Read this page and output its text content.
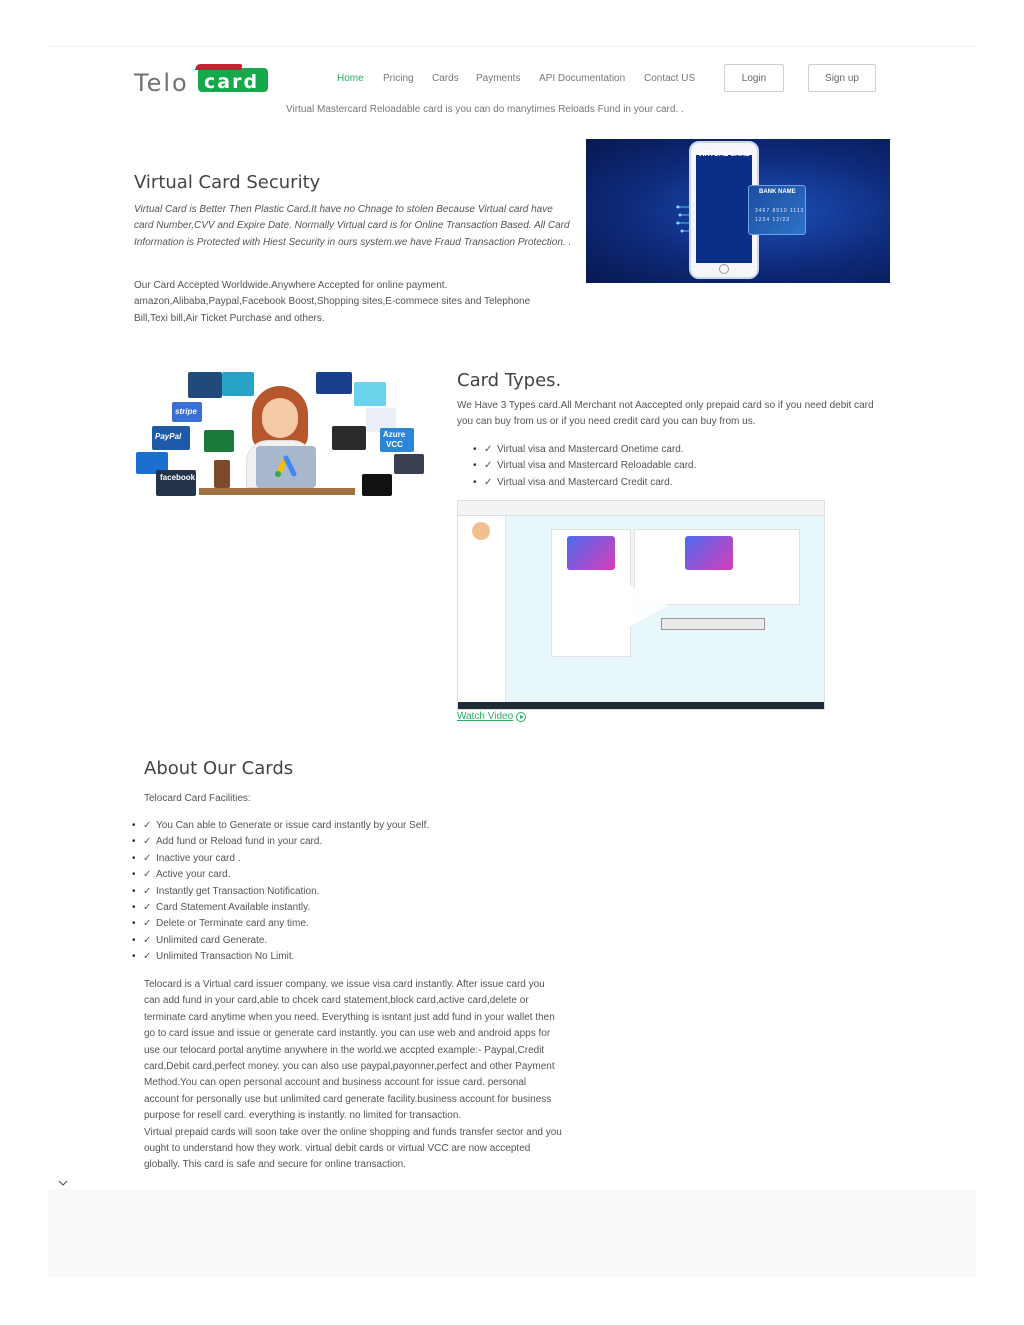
Telo card	Home	Pricing	Cards	Payments	API Documentation	Contact US	Login	Sign up
Virtual Mastercard Reloadable card is you can do manytimes Reloads Fund in your card. .
Virtual Card Security

Virtual Card is Better Then Plastic Card.It have no Chnage to stolen Because Virtual card have card Number,CVV and Expire Date. Normally Virtual card is for Online Transaction Based. All Card Information is Protected with Hiest Security in ours system.we have Fraud Transaction Protection. .

Our Card Accepted Worldwide.Anywhere Accepted for online payment. amazon,Alibaba,Paypal,Facebook Boost,Shopping sites,E-commece sites and Telephone Bill,Texi bill,Air Ticket Purchase and others.

VIRTUAL CARD
BANK NAME
3467 8910 1112
1234 12/23
stripe
PayPal
facebook
Azure
VCC
Card Types.

We Have 3 Types card.All Merchant not Aaccepted only prepaid card so if you need debit card you can buy from us or if you need credit card you can buy from us.

• ✓ Virtual visa and Mastercard Onetime card.
• ✓ Virtual visa and Mastercard Reloadable card.
• ✓ Virtual visa and Mastercard Credit card.
Watch Video
About Our Cards

Telocard Card Facilities:

• ✓ You Can able to Generate or issue card instantly by your Self.
• ✓ Add fund or Reload fund in your card.
• ✓ Inactive your card .
• ✓ Active your card.
• ✓ Instantly get Transaction Notification.
• ✓ Card Statement Available instantly.
• ✓ Delete or Terminate card any time.
• ✓ Unlimited card Generate.
• ✓ Unlimited Transaction No Limit.

Telocard is a Virtual card issuer company. we issue visa card instantly. After issue card you can add fund in your card,able to chcek card statement,block card,active card,delete or terminate card anytime when you need. Everything is isntant just add fund in your wallet then go to card issue and issue or generate card instantly. you can use web and android apps for use our telocard portal anytime anywhere in the world.we accpted example:- Paypal,Credit card,Debit card,perfect money. you can also use paypal,payonner,perfect and other Payment Method.You can open personal account and business account for issue card. personal account for personally use but unlimited card generate facility.business account for business purpose for resell card. everything is instantly. no limited for transaction.

Virtual prepaid cards will soon take over the online shopping and funds transfer sector and you ought to understand how they work. virtual debit cards or virtual VCC are now accepted globally. This card is safe and secure for online transaction.
